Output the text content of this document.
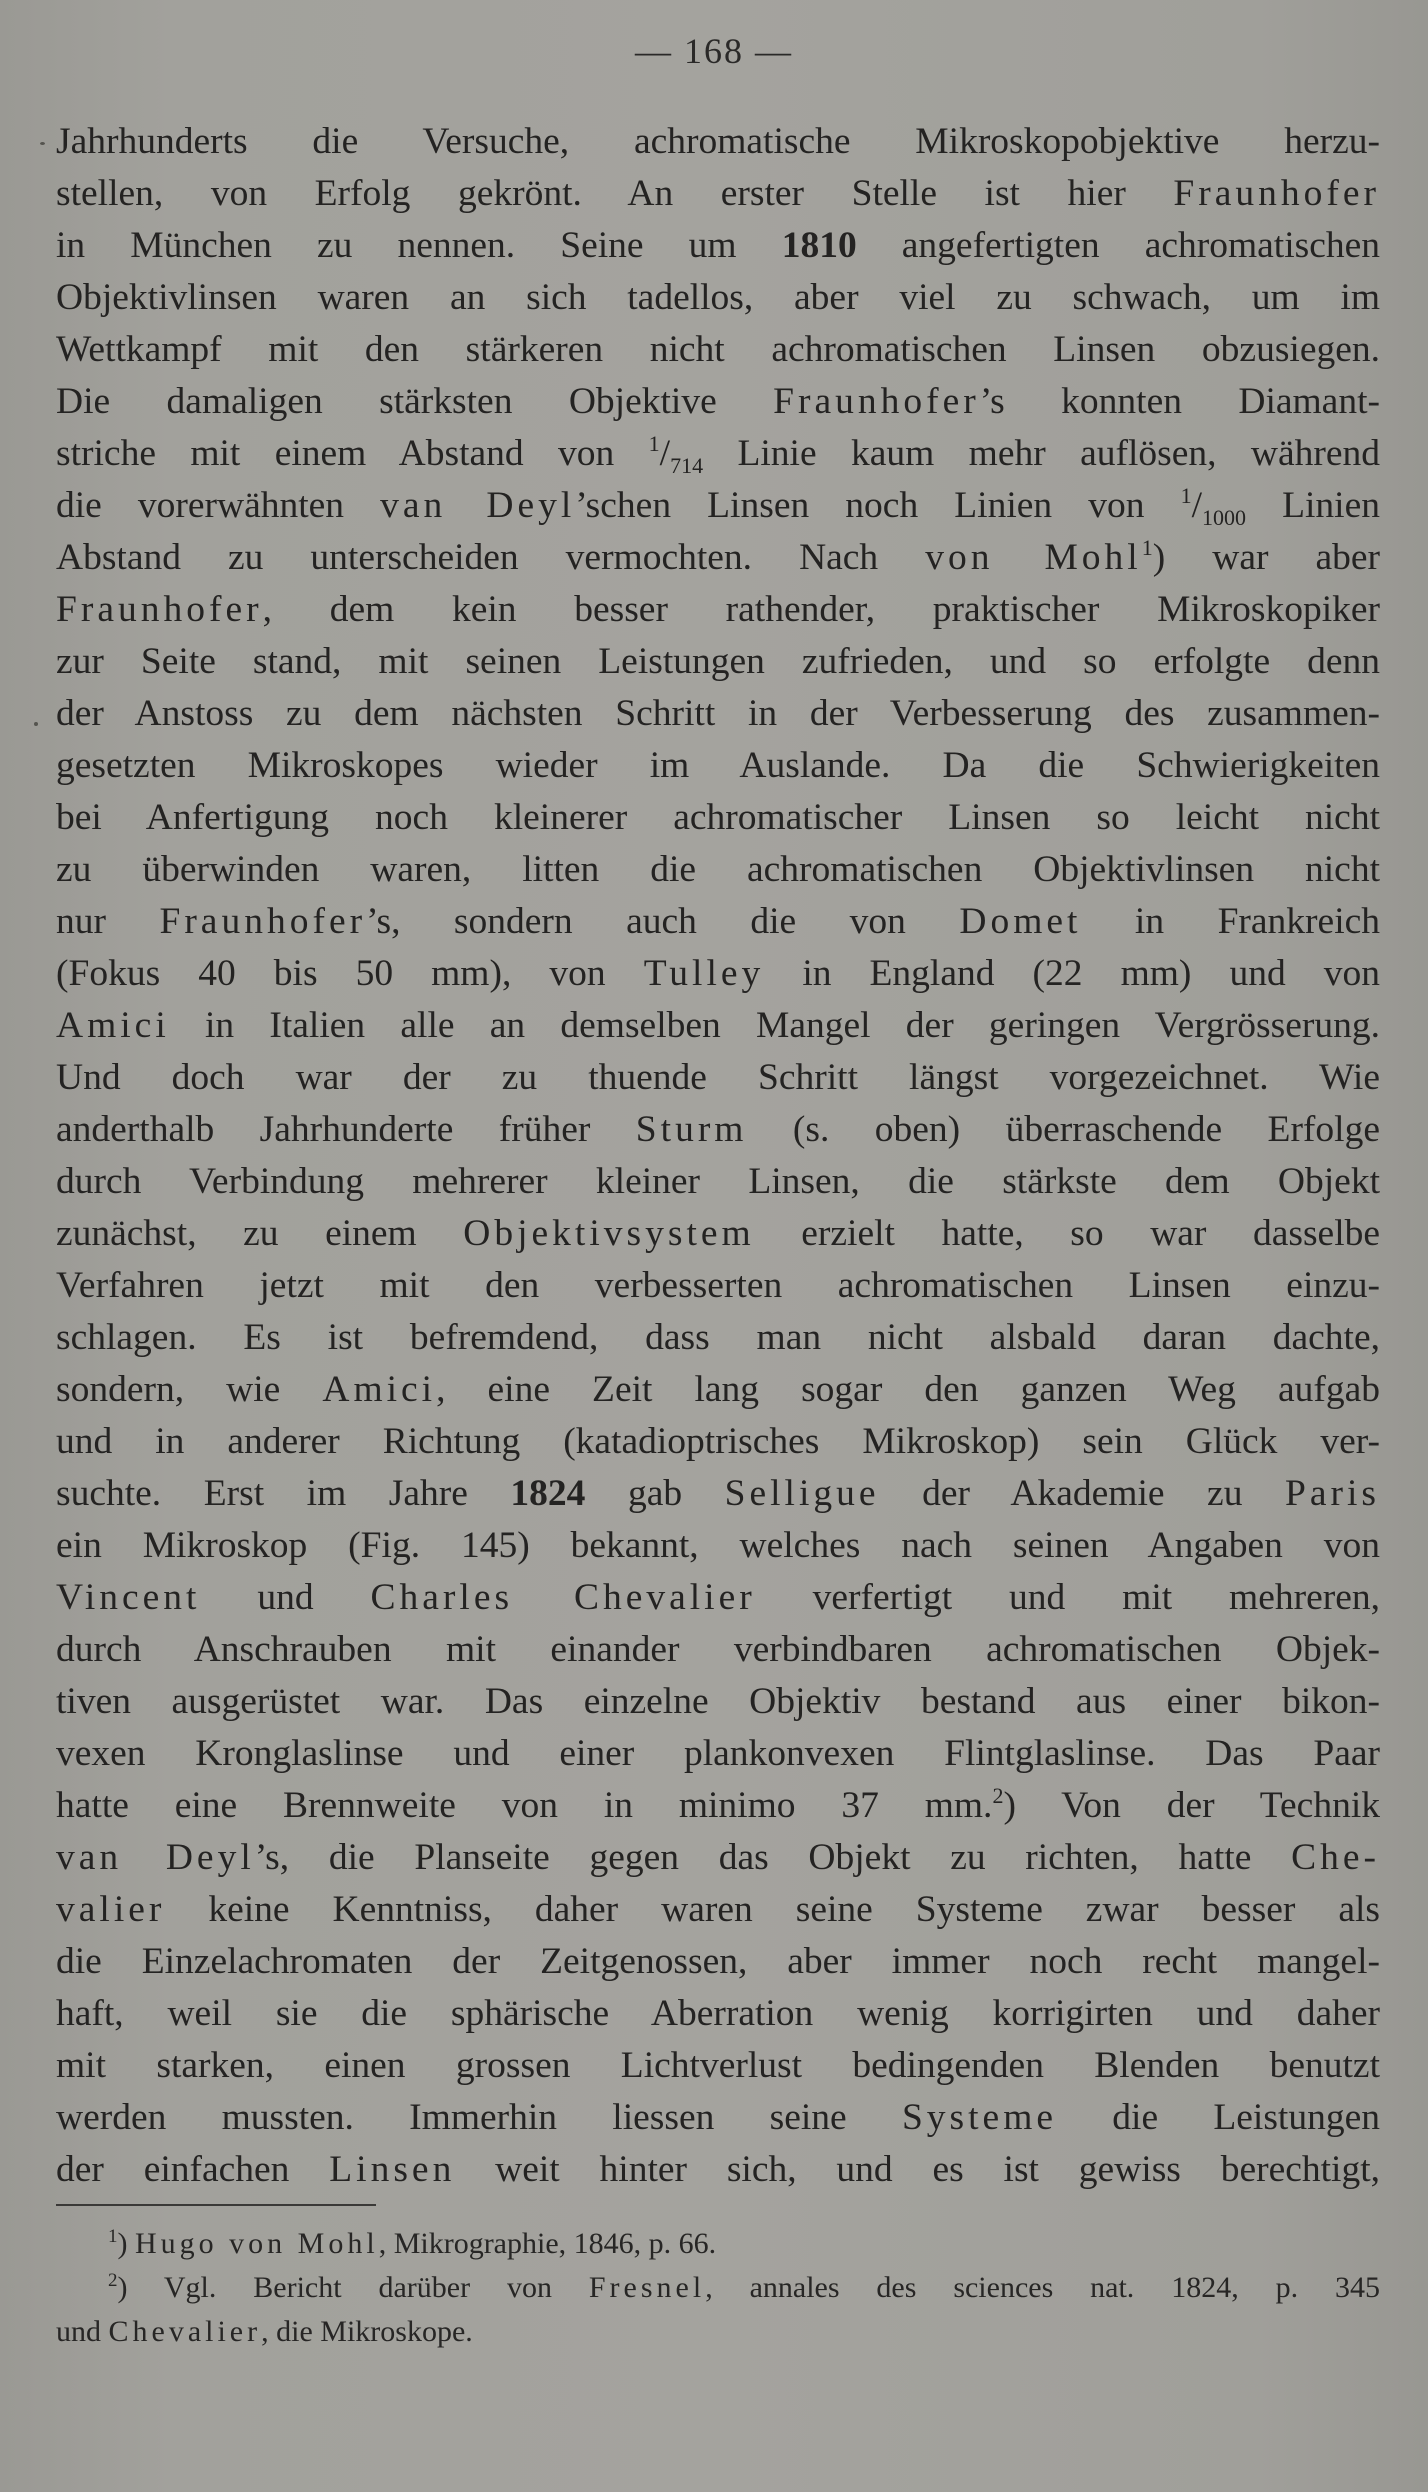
— 168 —
Jahrhunderts die Versuche, achromatische Mikroskopobjektive herzu-
stellen, von Erfolg gekrönt. An erster Stelle ist hier Fraunhofer
in München zu nennen. Seine um 1810 angefertigten achromatischen
Objektivlinsen waren an sich tadellos, aber viel zu schwach, um im
Wettkampf mit den stärkeren nicht achromatischen Linsen obzusiegen.
Die damaligen stärksten Objektive Fraunhofer’s konnten Diamant-
striche mit einem Abstand von $^1/_{714}$ Linie kaum mehr auflösen, während
die vorerwähnten van Deyl’schen Linsen noch Linien von $^1/_{1000}$ Linien
Abstand zu unterscheiden vermochten. Nach von Mohl$^1$) war aber
Fraunhofer, dem kein besser rathender, praktischer Mikroskopiker
zur Seite stand, mit seinen Leistungen zufrieden, und so erfolgte denn
der Anstoss zu dem nächsten Schritt in der Verbesserung des zusammen-
gesetzten Mikroskopes wieder im Auslande. Da die Schwierigkeiten
bei Anfertigung noch kleinerer achromatischer Linsen so leicht nicht
zu überwinden waren, litten die achromatischen Objektivlinsen nicht
nur Fraunhofer’s, sondern auch die von Domet in Frankreich
(Fokus 40 bis 50 mm), von Tulley in England (22 mm) und von
Amici in Italien alle an demselben Mangel der geringen Vergrösserung.
Und doch war der zu thuende Schritt längst vorgezeichnet. Wie
anderthalb Jahrhunderte früher Sturm (s. oben) überraschende Erfolge
durch Verbindung mehrerer kleiner Linsen, die stärkste dem Objekt
zunächst, zu einem Objektivsystem erzielt hatte, so war dasselbe
Verfahren jetzt mit den verbesserten achromatischen Linsen einzu-
schlagen. Es ist befremdend, dass man nicht alsbald daran dachte,
sondern, wie Amici, eine Zeit lang sogar den ganzen Weg aufgab
und in anderer Richtung (katadioptrisches Mikroskop) sein Glück ver-
suchte. Erst im Jahre 1824 gab Selligue der Akademie zu Paris
ein Mikroskop (Fig. 145) bekannt, welches nach seinen Angaben von
Vincent und Charles Chevalier verfertigt und mit mehreren,
durch Anschrauben mit einander verbindbaren achromatischen Objek-
tiven ausgerüstet war. Das einzelne Objektiv bestand aus einer bikon-
vexen Kronglaslinse und einer plankonvexen Flintglaslinse. Das Paar
hatte eine Brennweite von in minimo 37 mm.$^2$) Von der Technik
van Deyl’s, die Planseite gegen das Objekt zu richten, hatte Che-
valier keine Kenntniss, daher waren seine Systeme zwar besser als
die Einzelachromaten der Zeitgenossen, aber immer noch recht mangel-
haft, weil sie die sphärische Aberration wenig korrigirten und daher
mit starken, einen grossen Lichtverlust bedingenden Blenden benutzt
werden mussten. Immerhin liessen seine Systeme die Leistungen
der einfachen Linsen weit hinter sich, und es ist gewiss berechtigt,
$^1$) Hugo von Mohl, Mikrographie, 1846, p. 66.
$^2$) Vgl. Bericht darüber von Fresnel, annales des sciences nat. 1824, p. 345
und Chevalier, die Mikroskope.
